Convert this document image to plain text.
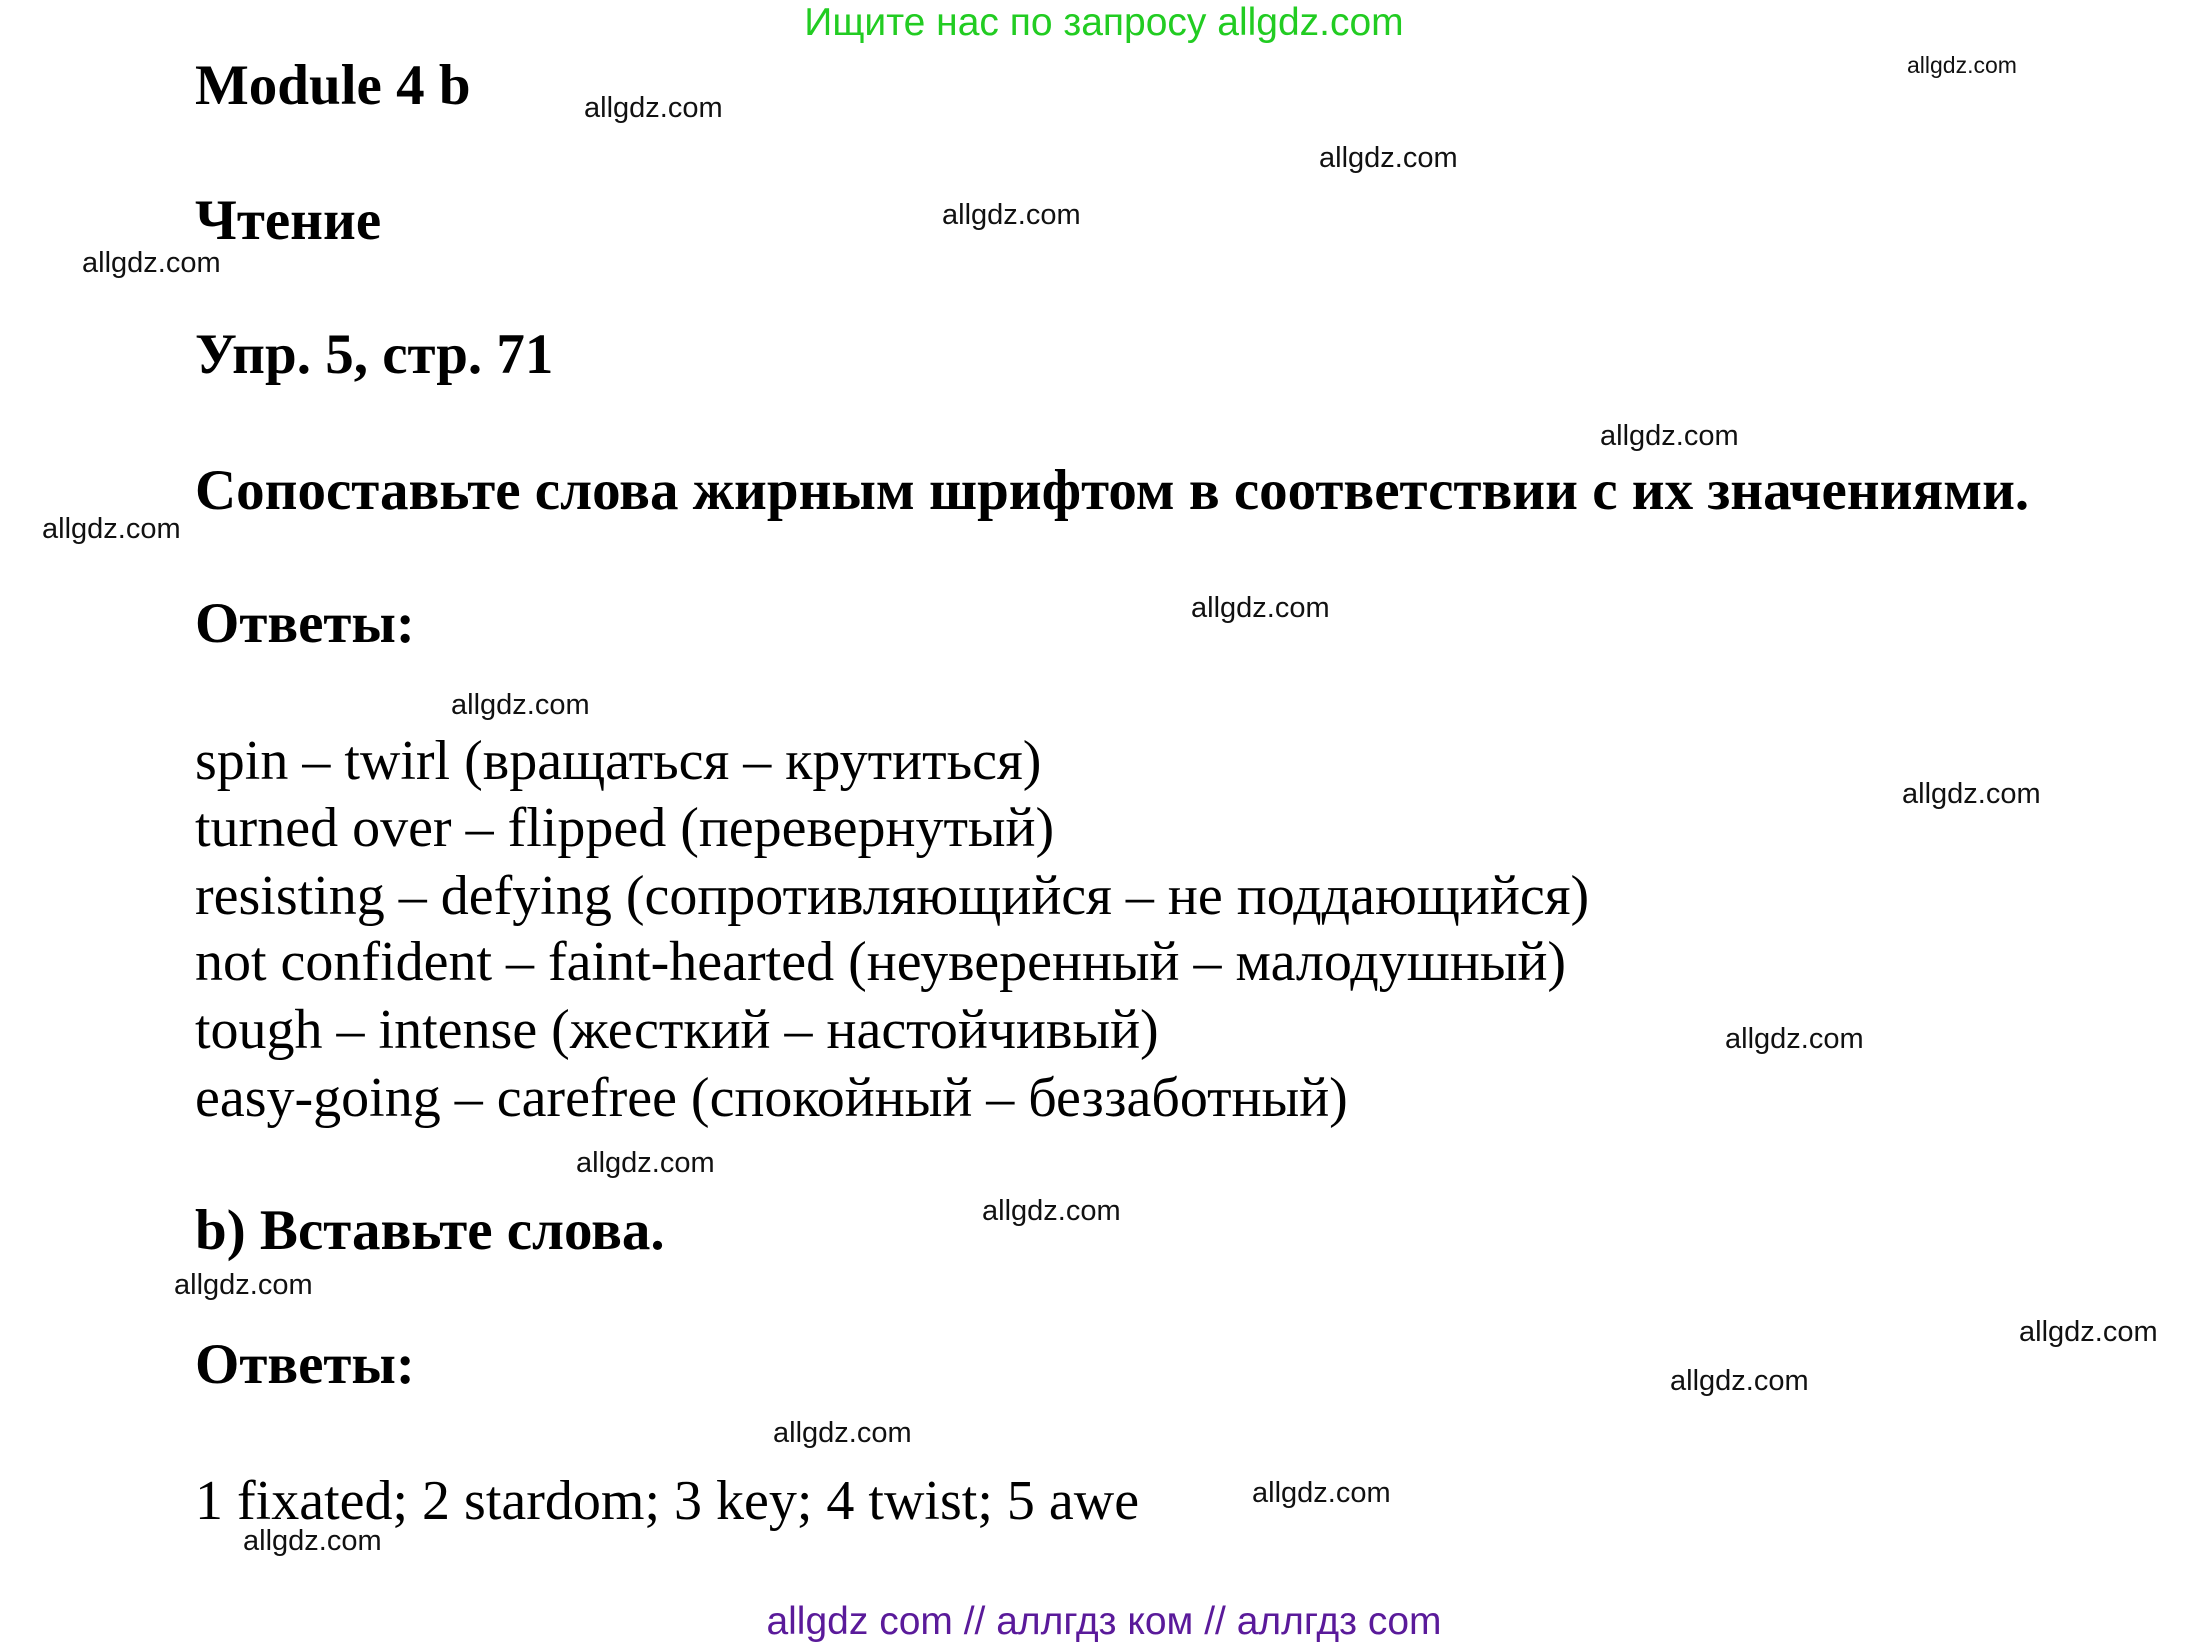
Ищите нас по запросу allgdz.com
Module 4 b
Чтение
Упр. 5, стр. 71
Сопоставьте слова жирным шрифтом в соответствии с их значениями.
Ответы:
spin – twirl (вращаться – крутиться)
turned over – flipped (перевернутый)
resisting – defying (сопротивляющийся – не поддающийся)
not confident – faint-hearted (неуверенный – малодушный)
tough – intense (жесткий – настойчивый)
easy-going – carefree (спокойный – беззаботный)
b) Вставьте слова.
Ответы:
1 fixated; 2 stardom; 3 key; 4 twist; 5 awe
allgdz com // аллгдз ком // аллгдз com
allgdz.com
allgdz.com
allgdz.com
allgdz.com
allgdz.com
allgdz.com
allgdz.com
allgdz.com
allgdz.com
allgdz.com
allgdz.com
allgdz.com
allgdz.com
allgdz.com
allgdz.com
allgdz.com
allgdz.com
allgdz.com
allgdz.com
